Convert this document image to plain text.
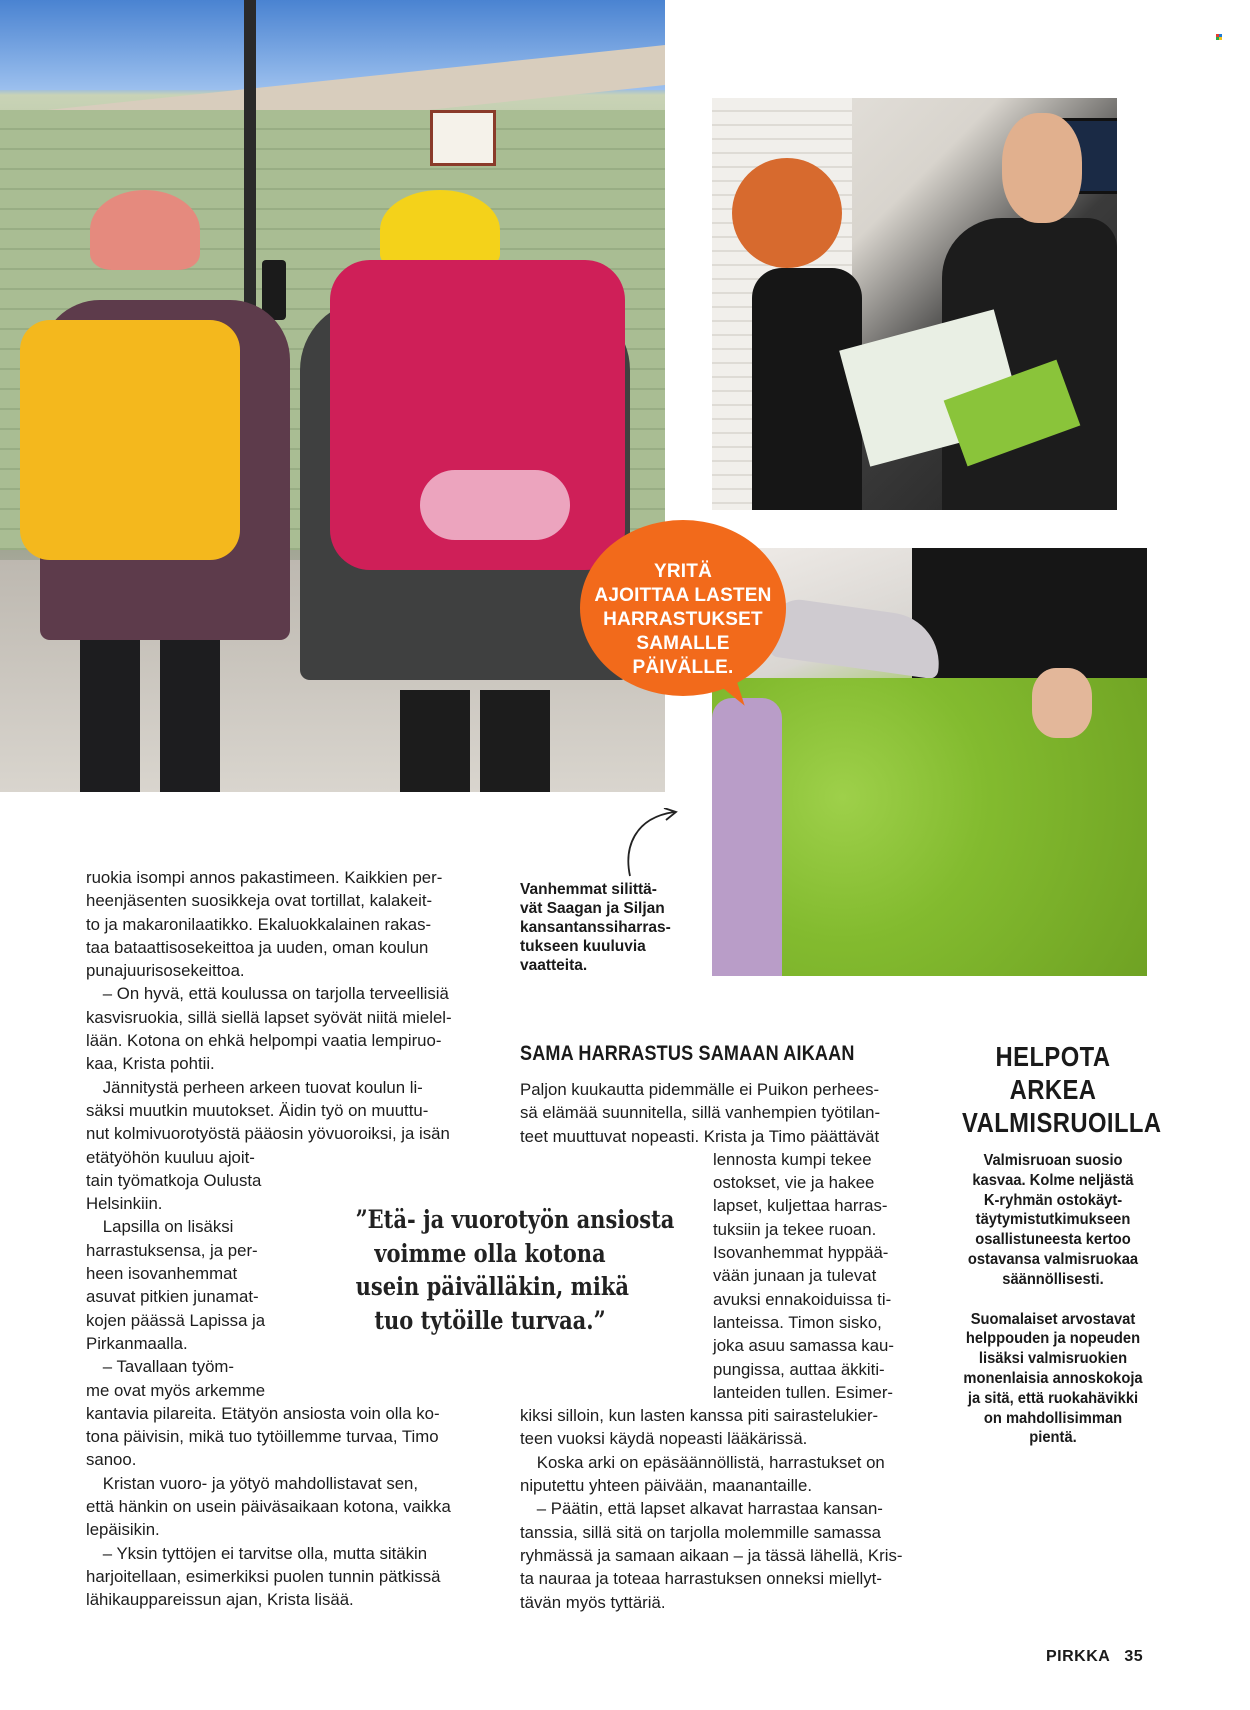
YRITÄ
AJOITTAA LASTEN
HARRASTUKSET
SAMALLE
PÄIVÄLLE.
Vanhemmat silittä-
vät Saagan ja Siljan
kansantanssiharras-
tukseen kuuluvia
vaatteita.
ruokia isompi annos pakastimeen. Kaikkien per-
heenjäsenten suosikkeja ovat tortillat, kalakeit-
to ja makaronilaatikko. Ekaluokkalainen rakas-
taa bataattisosekeittoa ja uuden, oman koulun
punajuurisosekeittoa.
 – On hyvä, että koulussa on tarjolla terveellisiä
kasvisruokia, sillä siellä lapset syövät niitä mielel-
lään. Kotona on ehkä helpompi vaatia lempiruo-
kaa, Krista pohtii.
 Jännitystä perheen arkeen tuovat koulun li-
säksi muutkin muutokset. Äidin työ on muuttu-
nut kolmivuorotyöstä pääosin yövuoroiksi, ja isän
etätyöhön kuuluu ajoit-
tain työmatkoja Oulusta
Helsinkiin.
 Lapsilla on lisäksi
harrastuksensa, ja per-
heen isovanhemmat
asuvat pitkien junamat-
kojen päässä Lapissa ja
Pirkanmaalla.
 – Tavallaan työm-
me ovat myös arkemme
kantavia pilareita. Etätyön ansiosta voin olla ko-
tona päivisin, mikä tuo tytöillemme turvaa, Timo
sanoo.
 Kristan vuoro- ja yötyö mahdollistavat sen,
että hänkin on usein päiväsaikaan kotona, vaikka
lepäisikin.
 – Yksin tyttöjen ei tarvitse olla, mutta sitäkin
harjoitellaan, esimerkiksi puolen tunnin pätkissä
lähikauppareissun ajan, Krista lisää.
SAMA HARRASTUS SAMAAN AIKAAN
Paljon kuukautta pidemmälle ei Puikon perhees-
sä elämää suunnitella, sillä vanhempien työtilan-
teet muuttuvat nopeasti. Krista ja Timo päättävät
lennosta kumpi tekee
ostokset, vie ja hakee
lapset, kuljettaa harras-
tuksiin ja tekee ruoan.
Isovanhemmat hyppää-
vään junaan ja tulevat
avuksi ennakoiduissa ti-
lanteissa. Timon sisko,
joka asuu samassa kau-
pungissa, auttaa äkkiti-
lanteiden tullen. Esimer-
kiksi silloin, kun lasten kanssa piti sairastelukier-
teen vuoksi käydä nopeasti lääkärissä.
 Koska arki on epäsäännöllistä, harrastukset on
niputettu yhteen päivään, maanantaille.
 – Päätin, että lapset alkavat harrastaa kansan-
tanssia, sillä sitä on tarjolla molemmille samassa
ryhmässä ja samaan aikaan – ja tässä lähellä, Kris-
ta nauraa ja toteaa harrastuksen onneksi miellyt-
tävän myös tyttäriä.
”Etä- ja vuorotyön ansiosta
voimme olla kotona
usein päivälläkin, mikä
tuo tytöille turvaa.”
HELPOTA
ARKEA
VALMISRUOILLA
Valmisruoan suosio
kasvaa. Kolme neljästä
K-ryhmän ostokäyt-
täytymistutkimukseen
osallistuneesta kertoo
ostavansa valmisruokaa
säännöllisesti.
Suomalaiset arvostavat
helppouden ja nopeuden
lisäksi valmisruokien
monenlaisia annoskokoja
ja sitä, että ruokahävikki
on mahdollisimman
pientä.
PIRKKA 35
